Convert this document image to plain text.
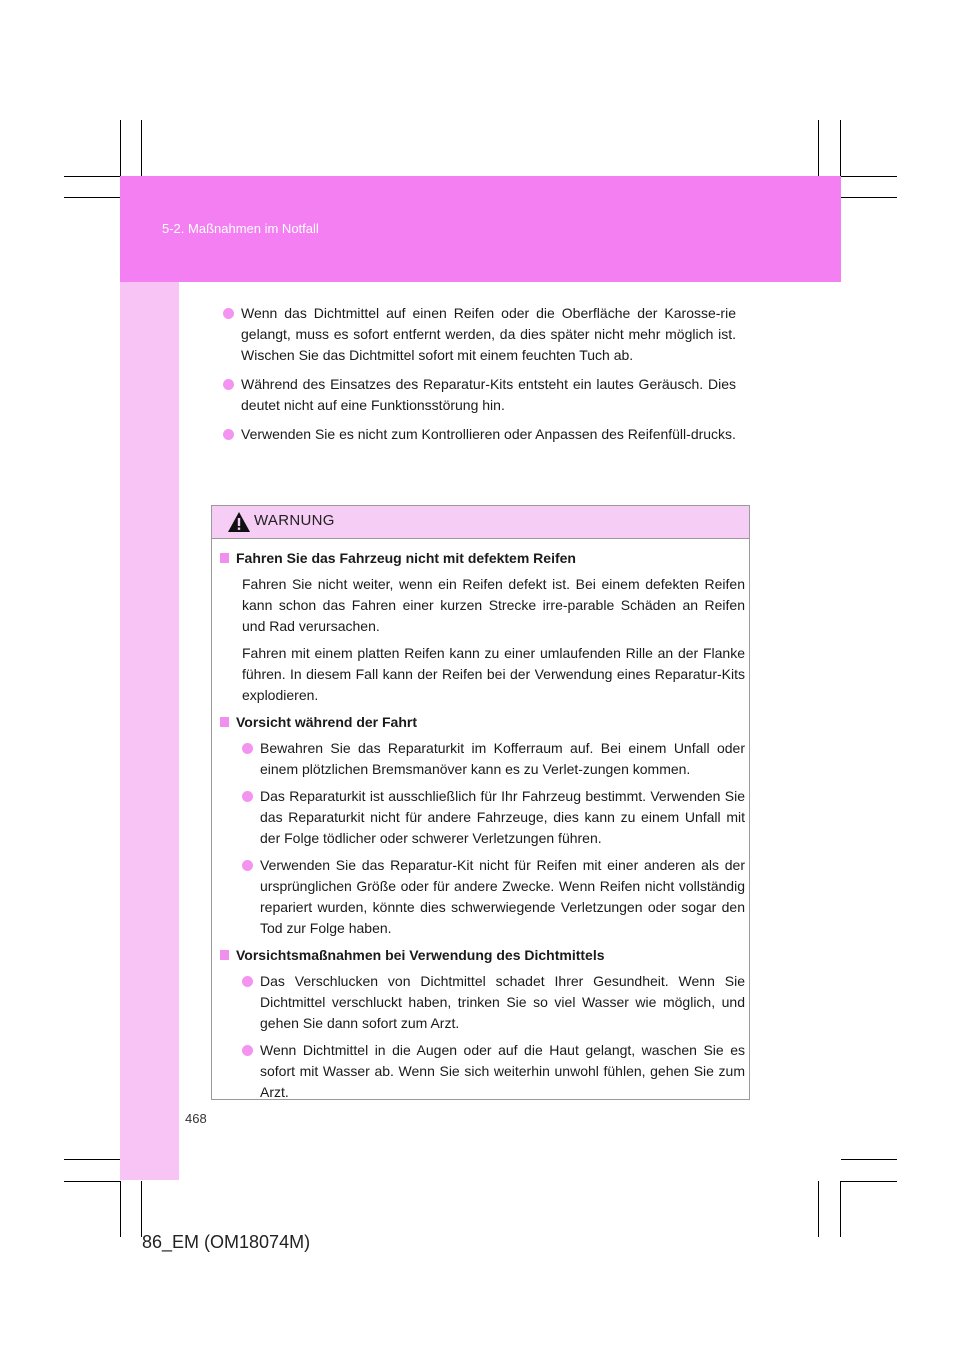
5-2. Maßnahmen im Notfall
Wenn das Dichtmittel auf einen Reifen oder die Oberfläche der Karosse-rie gelangt, muss es sofort entfernt werden, da dies später nicht mehr möglich ist. Wischen Sie das Dichtmittel sofort mit einem feuchten Tuch ab.
Während des Einsatzes des Reparatur-Kits entsteht ein lautes Geräusch. Dies deutet nicht auf eine Funktionsstörung hin.
Verwenden Sie es nicht zum Kontrollieren oder Anpassen des Reifenfüll-drucks.
WARNUNG
Fahren Sie das Fahrzeug nicht mit defektem Reifen
Fahren Sie nicht weiter, wenn ein Reifen defekt ist. Bei einem defekten Reifen kann schon das Fahren einer kurzen Strecke irre-parable Schäden an Reifen und Rad verursachen.
Fahren mit einem platten Reifen kann zu einer umlaufenden Rille an der Flanke führen. In diesem Fall kann der Reifen bei der Verwendung eines Reparatur-Kits explodieren.
Vorsicht während der Fahrt
Bewahren Sie das Reparaturkit im Kofferraum auf. Bei einem Unfall oder einem plötzlichen Bremsmanöver kann es zu Verlet-zungen kommen.
Das Reparaturkit ist ausschließlich für Ihr Fahrzeug bestimmt. Verwenden Sie das Reparaturkit nicht für andere Fahrzeuge, dies kann zu einem Unfall mit der Folge tödlicher oder schwerer Verletzungen führen.
Verwenden Sie das Reparatur-Kit nicht für Reifen mit einer anderen als der ursprünglichen Größe oder für andere Zwecke. Wenn Reifen nicht vollständig repariert wurden, könnte dies schwerwiegende Verletzungen oder sogar den Tod zur Folge haben.
Vorsichtsmaßnahmen bei Verwendung des Dichtmittels
Das Verschlucken von Dichtmittel schadet Ihrer Gesundheit. Wenn Sie Dichtmittel verschluckt haben, trinken Sie so viel Wasser wie möglich, und gehen Sie dann sofort zum Arzt.
Wenn Dichtmittel in die Augen oder auf die Haut gelangt, waschen Sie es sofort mit Wasser ab. Wenn Sie sich weiterhin unwohl fühlen, gehen Sie zum Arzt.
468
86_EM (OM18074M)
